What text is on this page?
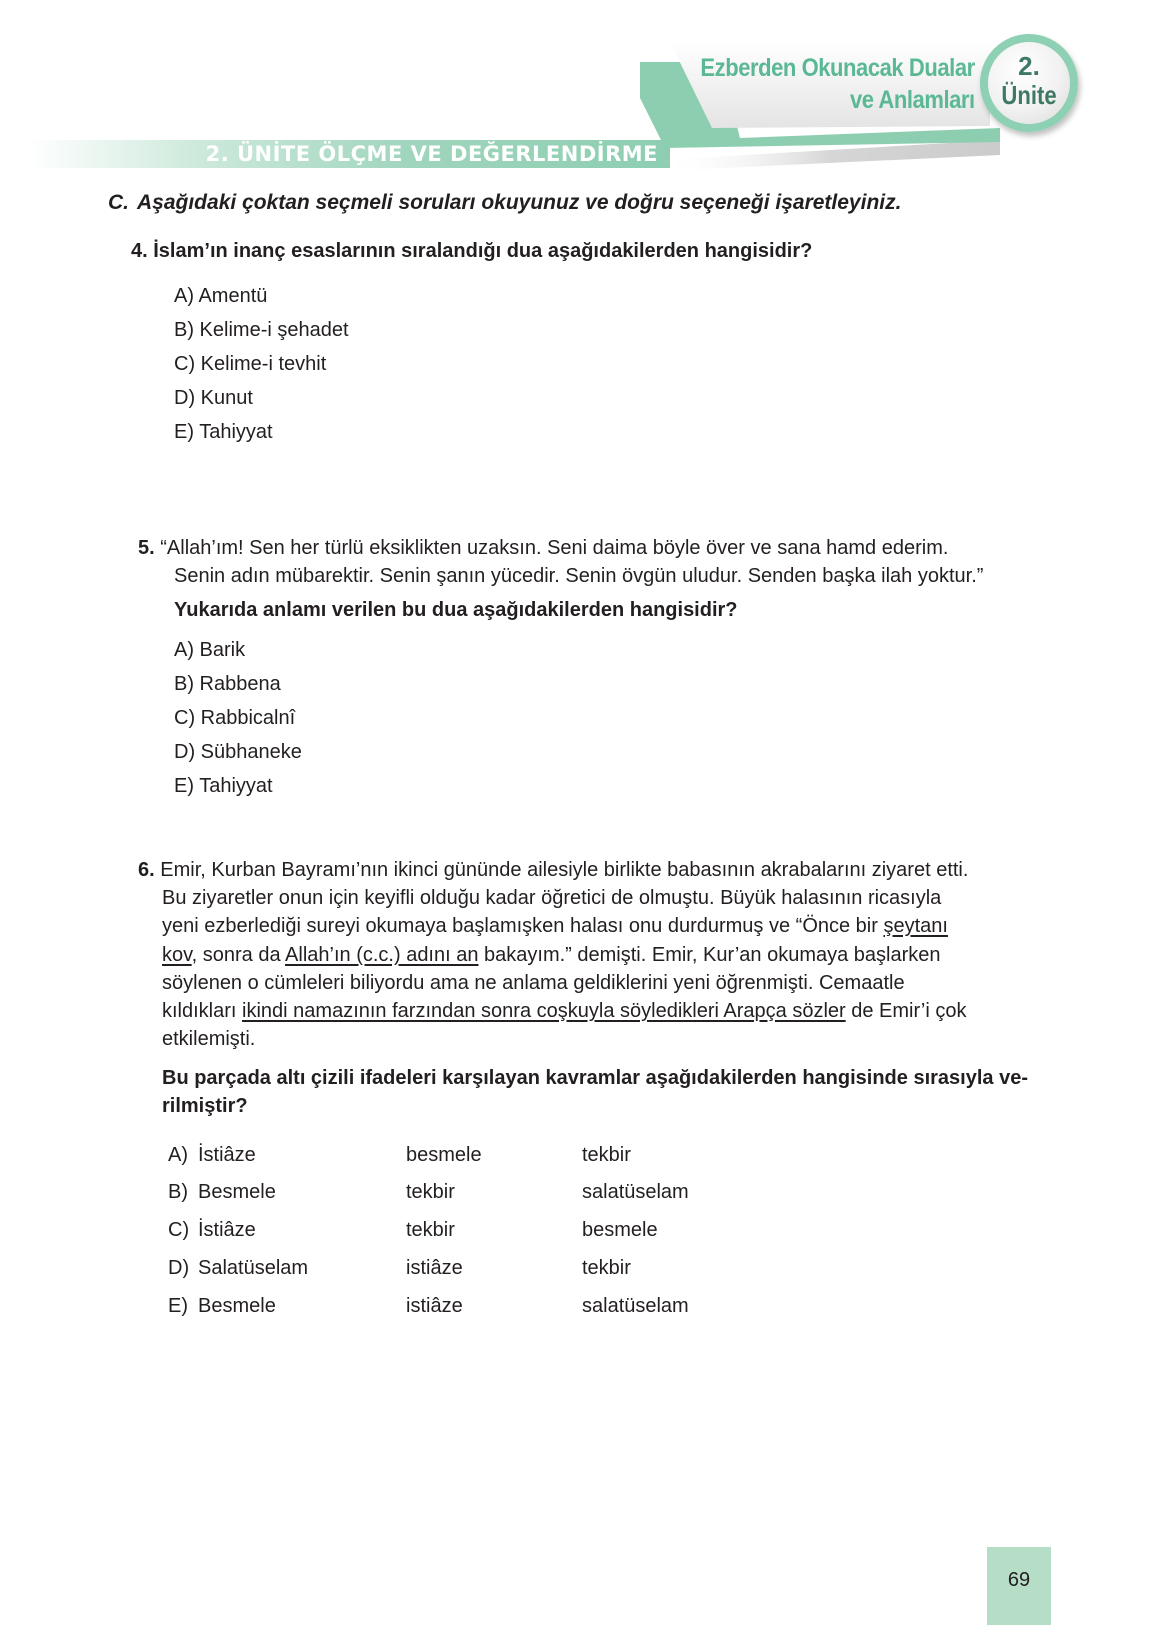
2. ÜNİTE ÖLÇME VE DEĞERLENDİRME
Ezberden Okunacak Dualar
ve Anlamları
2.
Ünite
C. Aşağıdaki çoktan seçmeli soruları okuyunuz ve doğru seçeneği işaretleyiniz.
4. İslam’ın inanç esaslarının sıralandığı dua aşağıdakilerden hangisidir?
A) Amentü
B) Kelime-i şehadet
C) Kelime-i tevhit
D) Kunut
E) Tahiyyat
5. “Allah’ım! Sen her türlü eksiklikten uzaksın. Seni daima böyle över ve sana hamd ederim.
Senin adın mübarektir. Senin şanın yücedir. Senin övgün uludur. Senden başka ilah yoktur.”
Yukarıda anlamı verilen bu dua aşağıdakilerden hangisidir?
A) Barik
B) Rabbena
C) Rabbicalnî
D) Sübhaneke
E) Tahiyyat
6. Emir, Kurban Bayramı’nın ikinci gününde ailesiyle birlikte babasının akrabalarını ziyaret etti.
Bu ziyaretler onun için keyifli olduğu kadar öğretici de olmuştu. Büyük halasının ricasıyla
yeni ezberlediği sureyi okumaya başlamışken halası onu durdurmuş ve “Önce bir şeytanı
kov, sonra da Allah’ın (c.c.) adını an bakayım.” demişti. Emir, Kur’an okumaya başlarken
söylenen o cümleleri biliyordu ama ne anlama geldiklerini yeni öğrenmişti. Cemaatle
kıldıkları ikindi namazının farzından sonra coşkuyla söyledikleri Arapça sözler de Emir’i çok
etkilemişti.
Bu parçada altı çizili ifadeleri karşılayan kavramlar aşağıdakilerden hangisinde sırasıyla ve-
rilmiştir?
A) İstiâze	besmele	tekbir
B) Besmele	tekbir	salatüselam
C) İstiâze	tekbir	besmele
D) Salatüselam	istiâze	tekbir
E) Besmele	istiâze	salatüselam
69
